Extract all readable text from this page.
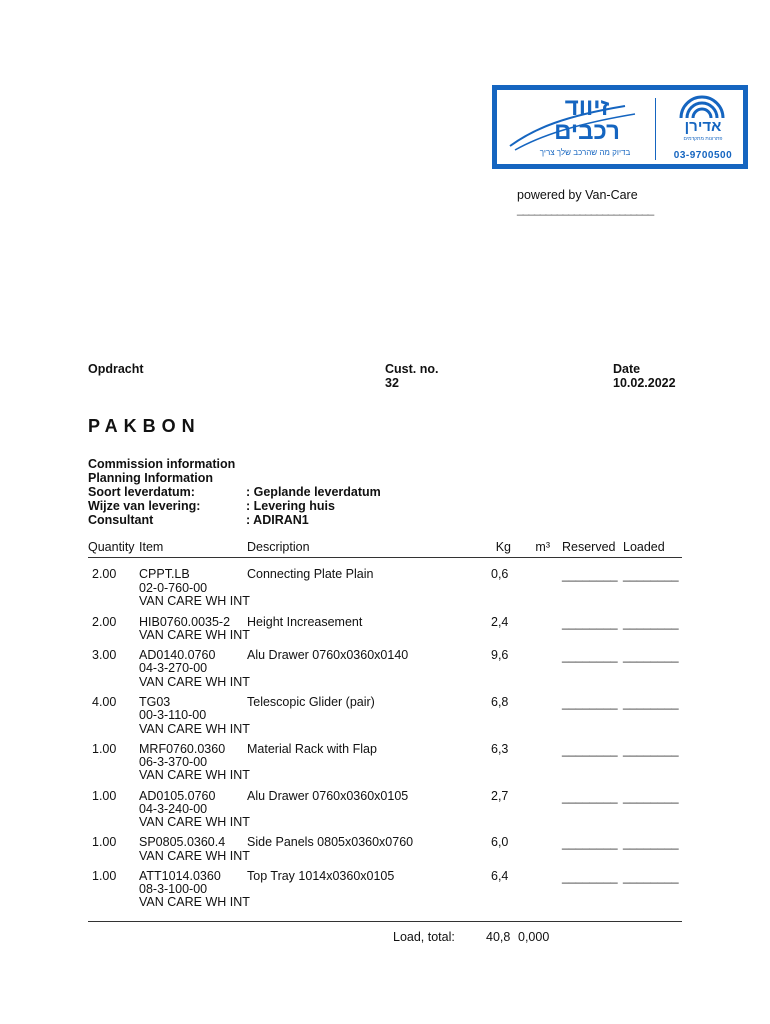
זיווד
רכבים
בדיוק מה שהרכב שלך צריך
אדירן
פתרונות מתקדמים
03-9700500
powered by Van-Care
________________________
Opdracht	Cust. no.
32
Date
10.02.2022
PAKBON
Commission information
Planning Information
Soort leverdatum:	: Geplande leverdatum
Wijze van levering:	: Levering huis
Consultant	: ADIRAN1
Quantity Item	Description	Kg	m³ Reserved Loaded
2.00 CPPT.LB
02-0-760-00
VAN CARE WH INT
Connecting Plate Plain	0,6	________ ________
2.00 HIB0760.0035-2
VAN CARE WH INT
Height Increasement	2,4	________ ________
3.00 AD0140.0760
04-3-270-00
VAN CARE WH INT
Alu Drawer 0760x0360x0140	9,6	________ ________
4.00 TG03
00-3-110-00
VAN CARE WH INT
Telescopic Glider (pair)	6,8	________ ________
1.00 MRF0760.0360
06-3-370-00
VAN CARE WH INT
Material Rack with Flap	6,3	________ ________
1.00 AD0105.0760
04-3-240-00
VAN CARE WH INT
Alu Drawer 0760x0360x0105	2,7	________ ________
1.00 SP0805.0360.4
VAN CARE WH INT
Side Panels 0805x0360x0760	6,0	________ ________
1.00 ATT1014.0360
08-3-100-00
VAN CARE WH INT
Top Tray 1014x0360x0105	6,4	________ ________
Load, total: 40,8 0,000
